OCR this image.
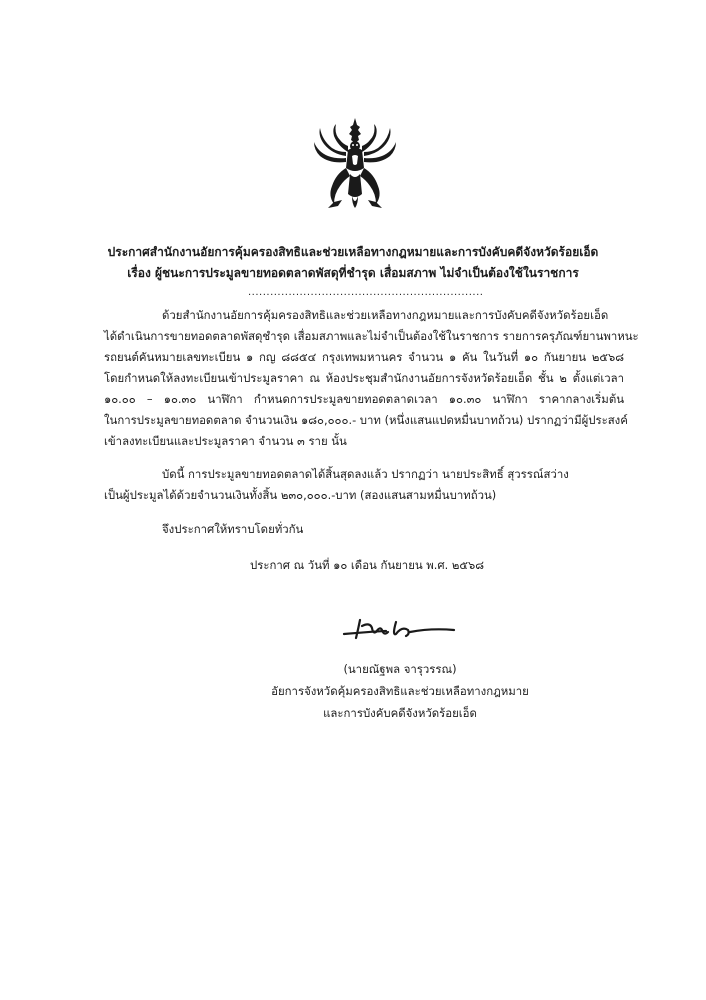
ประกาศสำนักงานอัยการคุ้มครองสิทธิและช่วยเหลือทางกฎหมายและการบังคับคดีจังหวัดร้อยเอ็ด
เรื่อง ผู้ชนะการประมูลขายทอดตลาดพัสดุที่ชำรุด เสื่อมสภาพ ไม่จำเป็นต้องใช้ในราชการ
................................................................
ด้วยสำนักงานอัยการคุ้มครองสิทธิและช่วยเหลือทางกฎหมายและการบังคับคดีจังหวัดร้อยเอ็ด
ได้ดำเนินการขายทอดตลาดพัสดุชำรุด เสื่อมสภาพและไม่จำเป็นต้องใช้ในราชการ รายการครุภัณฑ์ยานพาหนะ
รถยนต์คันหมายเลขทะเบียน ๑ กญ ๘๘๕๔ กรุงเทพมหานคร จำนวน ๑ คัน ในวันที่ ๑๐ กันยายน ๒๕๖๘
โดยกำหนดให้ลงทะเบียนเข้าประมูลราคา ณ ห้องประชุมสำนักงานอัยการจังหวัดร้อยเอ็ด ชั้น ๒ ตั้งแต่เวลา
๑๐.๐๐ – ๑๐.๓๐ นาฬิกา กำหนดการประมูลขายทอดตลาดเวลา ๑๐.๓๐ นาฬิกา ราคากลางเริ่มต้น
ในการประมูลขายทอดตลาด จำนวนเงิน ๑๘๐,๐๐๐.- บาท (หนึ่งแสนแปดหมื่นบาทถ้วน) ปรากฏว่ามีผู้ประสงค์
เข้าลงทะเบียนและประมูลราคา จำนวน ๓ ราย นั้น
บัดนี้ การประมูลขายทอดตลาดได้สิ้นสุดลงแล้ว ปรากฏว่า นายประสิทธิ์ สุวรรณ์สว่าง
เป็นผู้ประมูลได้ด้วยจำนวนเงินทั้งสิ้น ๒๓๐,๐๐๐.-บาท (สองแสนสามหมื่นบาทถ้วน)
จึงประกาศให้ทราบโดยทั่วกัน
ประกาศ ณ วันที่ ๑๐ เดือน กันยายน พ.ศ. ๒๕๖๘
(นายณัฐพล จารุวรรณ)
อัยการจังหวัดคุ้มครองสิทธิและช่วยเหลือทางกฎหมาย
และการบังคับคดีจังหวัดร้อยเอ็ด
